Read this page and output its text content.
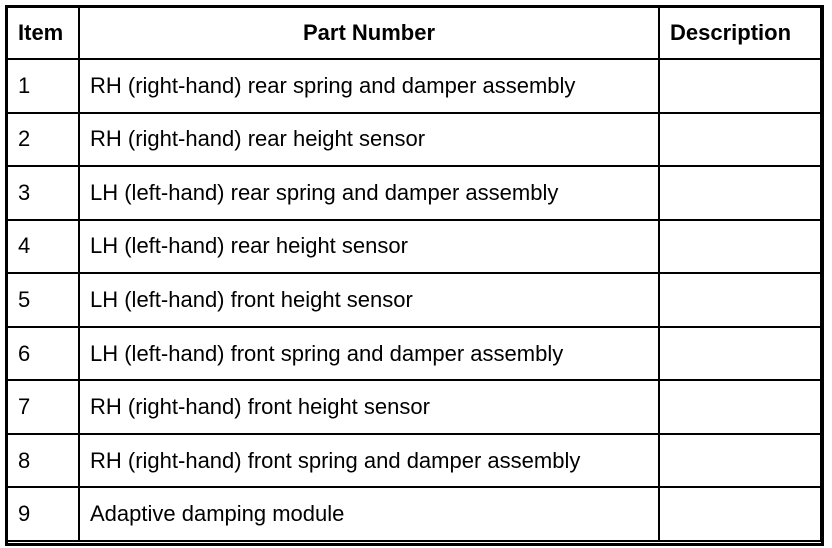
Item	Part Number	Description
1	RH (right-hand) rear spring and damper assembly	
2	RH (right-hand) rear height sensor	
3	LH (left-hand) rear spring and damper assembly	
4	LH (left-hand) rear height sensor	
5	LH (left-hand) front height sensor	
6	LH (left-hand) front spring and damper assembly	
7	RH (right-hand) front height sensor	
8	RH (right-hand) front spring and damper assembly	
9	Adaptive damping module	
